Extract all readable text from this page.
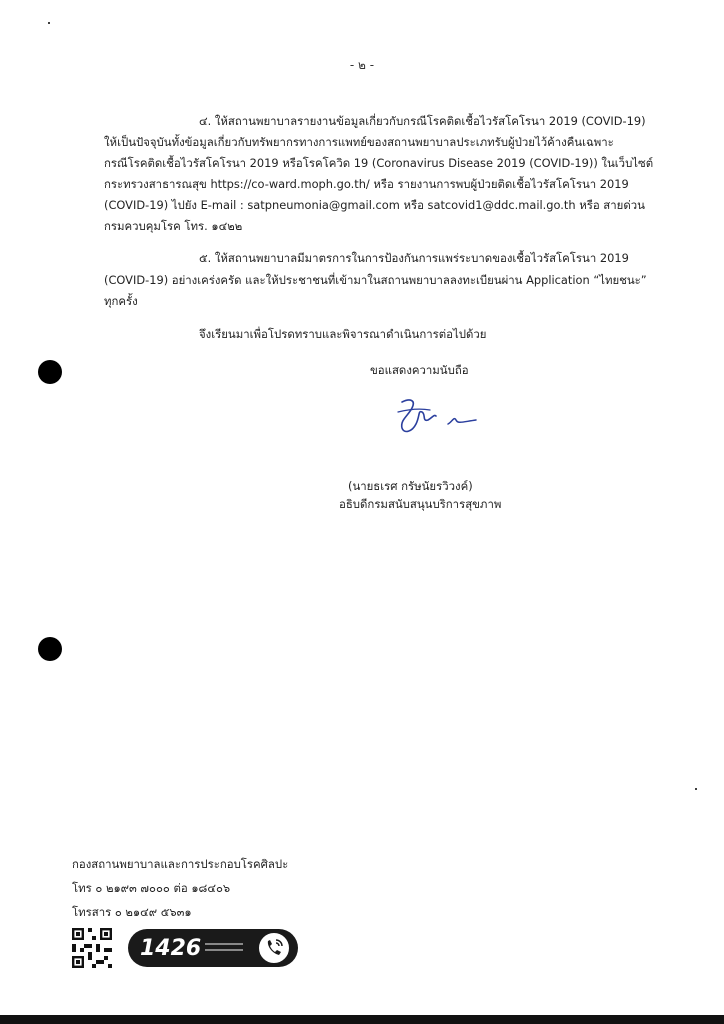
- ๒ -
๔. ให้สถานพยาบาลรายงานข้อมูลเกี่ยวกับกรณีโรคติดเชื้อไวรัสโคโรนา 2019 (COVID-19)
ให้เป็นปัจจุบันทั้งข้อมูลเกี่ยวกับทรัพยากรทางการแพทย์ของสถานพยาบาลประเภทรับผู้ป่วยไว้ค้างคืนเฉพาะ
กรณีโรคติดเชื้อไวรัสโคโรนา 2019 หรือโรคโควิด 19 (Coronavirus Disease 2019 (COVID-19)) ในเว็บไซต์
กระทรวงสาธารณสุข https://co-ward.moph.go.th/ หรือ รายงานการพบผู้ป่วยติดเชื้อไวรัสโคโรนา 2019
(COVID-19) ไปยัง E-mail : satpneumonia@gmail.com หรือ satcovid1@ddc.mail.go.th หรือ สายด่วน
กรมควบคุมโรค โทร. ๑๔๒๒
๕. ให้สถานพยาบาลมีมาตรการในการป้องกันการแพร่ระบาดของเชื้อไวรัสโคโรนา 2019
(COVID-19) อย่างเคร่งครัด และให้ประชาชนที่เข้ามาในสถานพยาบาลลงทะเบียนผ่าน Application “ไทยชนะ”
ทุกครั้ง
จึงเรียนมาเพื่อโปรดทราบและพิจารณาดำเนินการต่อไปด้วย
ขอแสดงความนับถือ
(นายธเรศ กรัษนัยรวิวงค์)
อธิบดีกรมสนับสนุนบริการสุขภาพ
กองสถานพยาบาลและการประกอบโรคศิลปะ
โทร ๐ ๒๑๙๓ ๗๐๐๐ ต่อ ๑๘๔๐๖
โทรสาร ๐ ๒๑๔๙ ๕๖๓๑
1426
